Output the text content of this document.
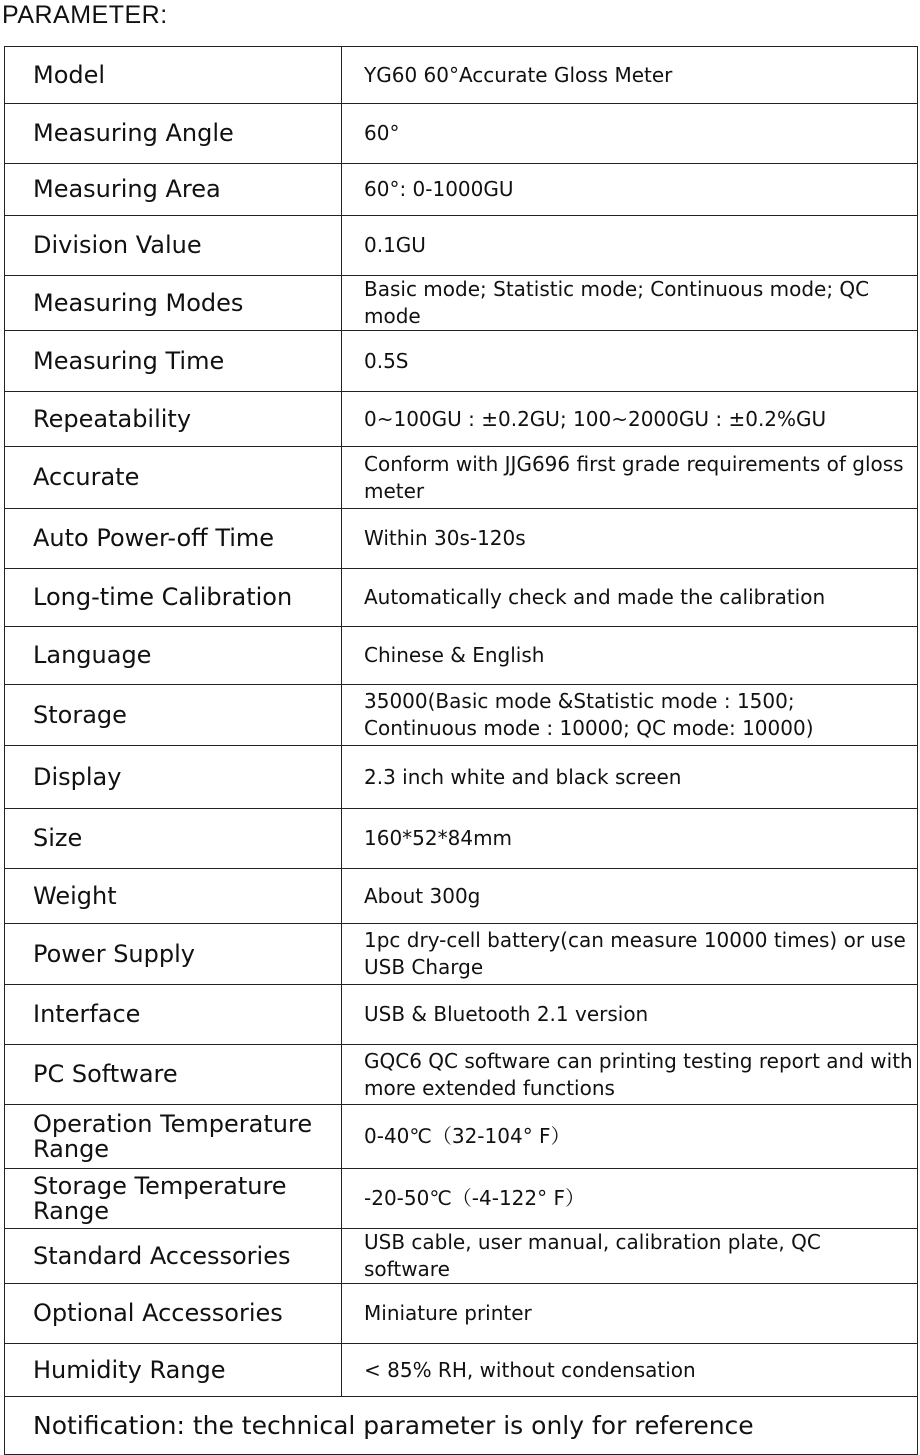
PARAMETER:
Model	YG60 60°Accurate Gloss Meter
Measuring Angle	60°
Measuring Area	60°: 0-1000GU
Division Value	0.1GU
Measuring Modes	Basic mode; Statistic mode; Continuous mode; QC mode
Measuring Time	0.5S
Repeatability	0~100GU : ±0.2GU; 100~2000GU : ±0.2%GU
Accurate	Conform with JJG696 first grade requirements of gloss meter
Auto Power-off Time	Within 30s-120s
Long-time Calibration	Automatically check and made the calibration
Language	Chinese & English
Storage	35000(Basic mode &Statistic mode : 1500; Continuous mode : 10000; QC mode: 10000)
Display	2.3 inch white and black screen
Size	160*52*84mm
Weight	About 300g
Power Supply	1pc dry-cell battery(can measure 10000 times) or use USB Charge
Interface	USB & Bluetooth 2.1 version
PC Software	GQC6 QC software can printing testing report and with more extended functions
Operation Temperature Range	0-40℃（32-104° F）
Storage Temperature Range	-20-50℃（-4-122° F）
Standard Accessories	USB cable, user manual, calibration plate, QC software
Optional Accessories	Miniature printer
Humidity Range	< 85% RH, without condensation
Notification: the technical parameter is only for reference	
